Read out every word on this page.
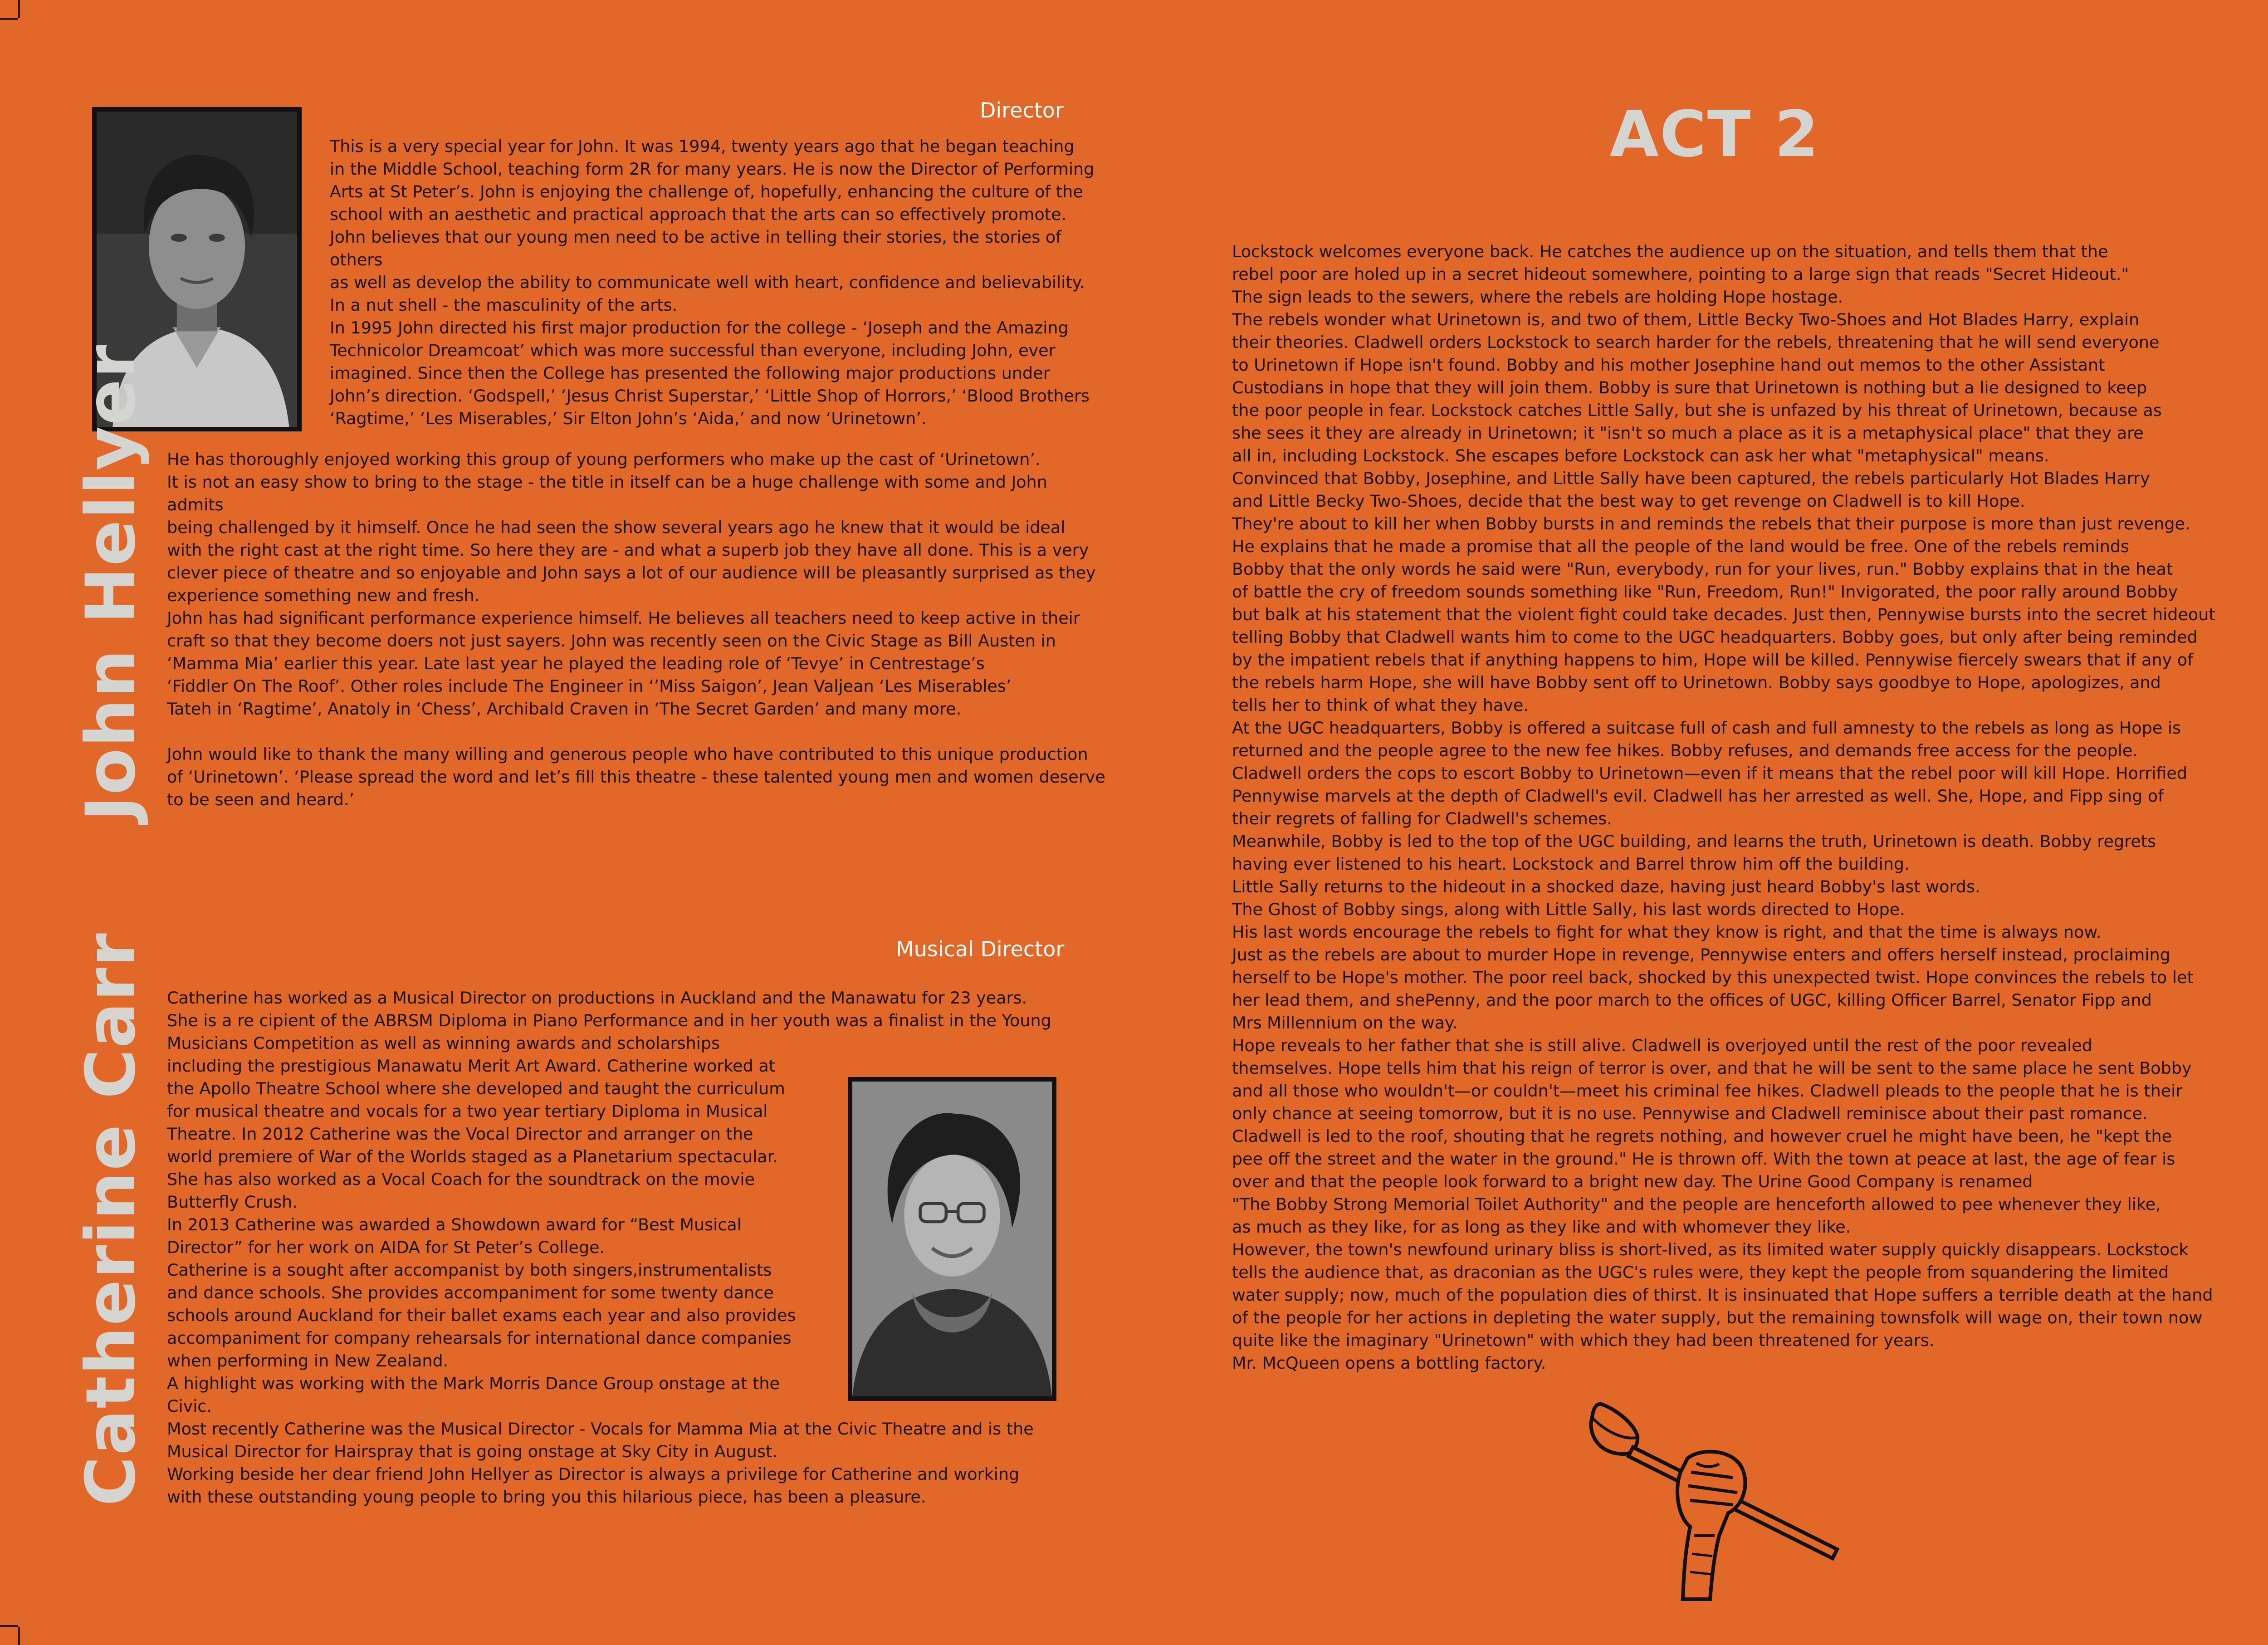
Director
John Hellyer

This is a very special year for John. It was 1994, twenty years ago that he began teaching
in the Middle School, teaching form 2R for many years. He is now the Director of Performing
Arts at St Peter’s. John is enjoying the challenge of, hopefully, enhancing the culture of the
school with an aesthetic and practical approach that the arts can so effectively promote.
John believes that our young men need to be active in telling their stories, the stories of others
as well as develop the ability to communicate well with heart, confidence and believability.
In a nut shell - the masculinity of the arts.

In 1995 John directed his first major production for the college - ‘Joseph and the Amazing
Technicolor Dreamcoat’ which was more successful than everyone, including John, ever
imagined. Since then the College has presented the following major productions under
John’s direction. ‘Godspell,’ ‘Jesus Christ Superstar,’ ‘Little Shop of Horrors,’ ‘Blood Brothers
‘Ragtime,’ ‘Les Miserables,’ Sir Elton John’s ‘Aida,’ and now ‘Urinetown’.

He has thoroughly enjoyed working this group of young performers who make up the cast of ‘Urinetown’.
It is not an easy show to bring to the stage - the title in itself can be a huge challenge with some and John admits
being challenged by it himself. Once he had seen the show several years ago he knew that it would be ideal
with the right cast at the right time. So here they are - and what a superb job they have all done. This is a very
clever piece of theatre and so enjoyable and John says a lot of our audience will be pleasantly surprised as they
experience something new and fresh.

John has had significant performance experience himself. He believes all teachers need to keep active in their
craft so that they become doers not just sayers. John was recently seen on the Civic Stage as Bill Austen in
‘Mamma Mia’ earlier this year. Late last year he played the leading role of ‘Tevye’ in Centrestage’s
‘Fiddler On The Roof’. Other roles include The Engineer in ‘’Miss Saigon’, Jean Valjean ‘Les Miserables’
Tateh in ‘Ragtime’, Anatoly in ‘Chess’, Archibald Craven in ‘The Secret Garden’ and many more.

John would like to thank the many willing and generous people who have contributed to this unique production
of ‘Urinetown’. ‘Please spread the word and let’s fill this theatre - these talented young men and women deserve
to be seen and heard.’

Musical Director
Catherine Carr Catherine has worked as a Musical Director on productions in Auckland and the Manawatu for 23 years.
She is a re cipient of the ABRSM Diploma in Piano Performance and in her youth was a finalist in the Young
Musicians Competition as well as winning awards and scholarships

including the prestigious Manawatu Merit Art Award. Catherine worked at
the Apollo Theatre School where she developed and taught the curriculum
for musical theatre and vocals for a two year tertiary Diploma in Musical
Theatre. In 2012 Catherine was the Vocal Director and arranger on the
world premiere of War of the Worlds staged as a Planetarium spectacular.
She has also worked as a Vocal Coach for the soundtrack on the movie
Butterfly Crush.
In 2013 Catherine was awarded a Showdown award for “Best Musical
Director” for her work on AIDA for St Peter’s College.
Catherine is a sought after accompanist by both singers,instrumentalists
and dance schools. She provides accompaniment for some twenty dance
schools around Auckland for their ballet exams each year and also provides
accompaniment for company rehearsals for international dance companies
when performing in New Zealand.
A highlight was working with the Mark Morris Dance Group onstage at the
Civic.

Most recently Catherine was the Musical Director - Vocals for Mamma Mia at the Civic Theatre and is the
Musical Director for Hairspray that is going onstage at Sky City in August.
Working beside her dear friend John Hellyer as Director is always a privilege for Catherine and working
with these outstanding young people to bring you this hilarious piece, has been a pleasure.

ACT 2

Lockstock welcomes everyone back. He catches the audience up on the situation, and tells them that the
rebel poor are holed up in a secret hideout somewhere, pointing to a large sign that reads "Secret Hideout."
The sign leads to the sewers, where the rebels are holding Hope hostage.
The rebels wonder what Urinetown is, and two of them, Little Becky Two-Shoes and Hot Blades Harry, explain
their theories. Cladwell orders Lockstock to search harder for the rebels, threatening that he will send everyone
to Urinetown if Hope isn't found. Bobby and his mother Josephine hand out memos to the other Assistant
Custodians in hope that they will join them. Bobby is sure that Urinetown is nothing but a lie designed to keep
the poor people in fear. Lockstock catches Little Sally, but she is unfazed by his threat of Urinetown, because as
she sees it they are already in Urinetown; it "isn't so much a place as it is a metaphysical place" that they are
all in, including Lockstock. She escapes before Lockstock can ask her what "metaphysical" means.
Convinced that Bobby, Josephine, and Little Sally have been captured, the rebels particularly Hot Blades Harry
and Little Becky Two-Shoes, decide that the best way to get revenge on Cladwell is to kill Hope.
They're about to kill her when Bobby bursts in and reminds the rebels that their purpose is more than just revenge.
He explains that he made a promise that all the people of the land would be free. One of the rebels reminds
Bobby that the only words he said were "Run, everybody, run for your lives, run." Bobby explains that in the heat
of battle the cry of freedom sounds something like "Run, Freedom, Run!" Invigorated, the poor rally around Bobby
but balk at his statement that the violent fight could take decades. Just then, Pennywise bursts into the secret hideout
telling Bobby that Cladwell wants him to come to the UGC headquarters. Bobby goes, but only after being reminded
by the impatient rebels that if anything happens to him, Hope will be killed. Pennywise fiercely swears that if any of
the rebels harm Hope, she will have Bobby sent off to Urinetown. Bobby says goodbye to Hope, apologizes, and
tells her to think of what they have.
At the UGC headquarters, Bobby is offered a suitcase full of cash and full amnesty to the rebels as long as Hope is
returned and the people agree to the new fee hikes. Bobby refuses, and demands free access for the people.
Cladwell orders the cops to escort Bobby to Urinetown—even if it means that the rebel poor will kill Hope. Horrified
Pennywise marvels at the depth of Cladwell's evil. Cladwell has her arrested as well. She, Hope, and Fipp sing of
their regrets of falling for Cladwell's schemes.
Meanwhile, Bobby is led to the top of the UGC building, and learns the truth, Urinetown is death. Bobby regrets
having ever listened to his heart. Lockstock and Barrel throw him off the building.
Little Sally returns to the hideout in a shocked daze, having just heard Bobby's last words.
The Ghost of Bobby sings, along with Little Sally, his last words directed to Hope.
His last words encourage the rebels to fight for what they know is right, and that the time is always now.
Just as the rebels are about to murder Hope in revenge, Pennywise enters and offers herself instead, proclaiming
herself to be Hope's mother. The poor reel back, shocked by this unexpected twist. Hope convinces the rebels to let
her lead them, and shePenny, and the poor march to the offices of UGC, killing Officer Barrel, Senator Fipp and
Mrs Millennium on the way.
Hope reveals to her father that she is still alive. Cladwell is overjoyed until the rest of the poor revealed
themselves. Hope tells him that his reign of terror is over, and that he will be sent to the same place he sent Bobby
and all those who wouldn't—or couldn't—meet his criminal fee hikes. Cladwell pleads to the people that he is their
only chance at seeing tomorrow, but it is no use. Pennywise and Cladwell reminisce about their past romance.
Cladwell is led to the roof, shouting that he regrets nothing, and however cruel he might have been, he "kept the
pee off the street and the water in the ground." He is thrown off. With the town at peace at last, the age of fear is
over and that the people look forward to a bright new day. The Urine Good Company is renamed
"The Bobby Strong Memorial Toilet Authority" and the people are henceforth allowed to pee whenever they like,
as much as they like, for as long as they like and with whomever they like.
However, the town's newfound urinary bliss is short-lived, as its limited water supply quickly disappears. Lockstock
tells the audience that, as draconian as the UGC's rules were, they kept the people from squandering the limited
water supply; now, much of the population dies of thirst. It is insinuated that Hope suffers a terrible death at the hand
of the people for her actions in depleting the water supply, but the remaining townsfolk will wage on, their town now
quite like the imaginary "Urinetown" with which they had been threatened for years.
Mr. McQueen opens a bottling factory.
